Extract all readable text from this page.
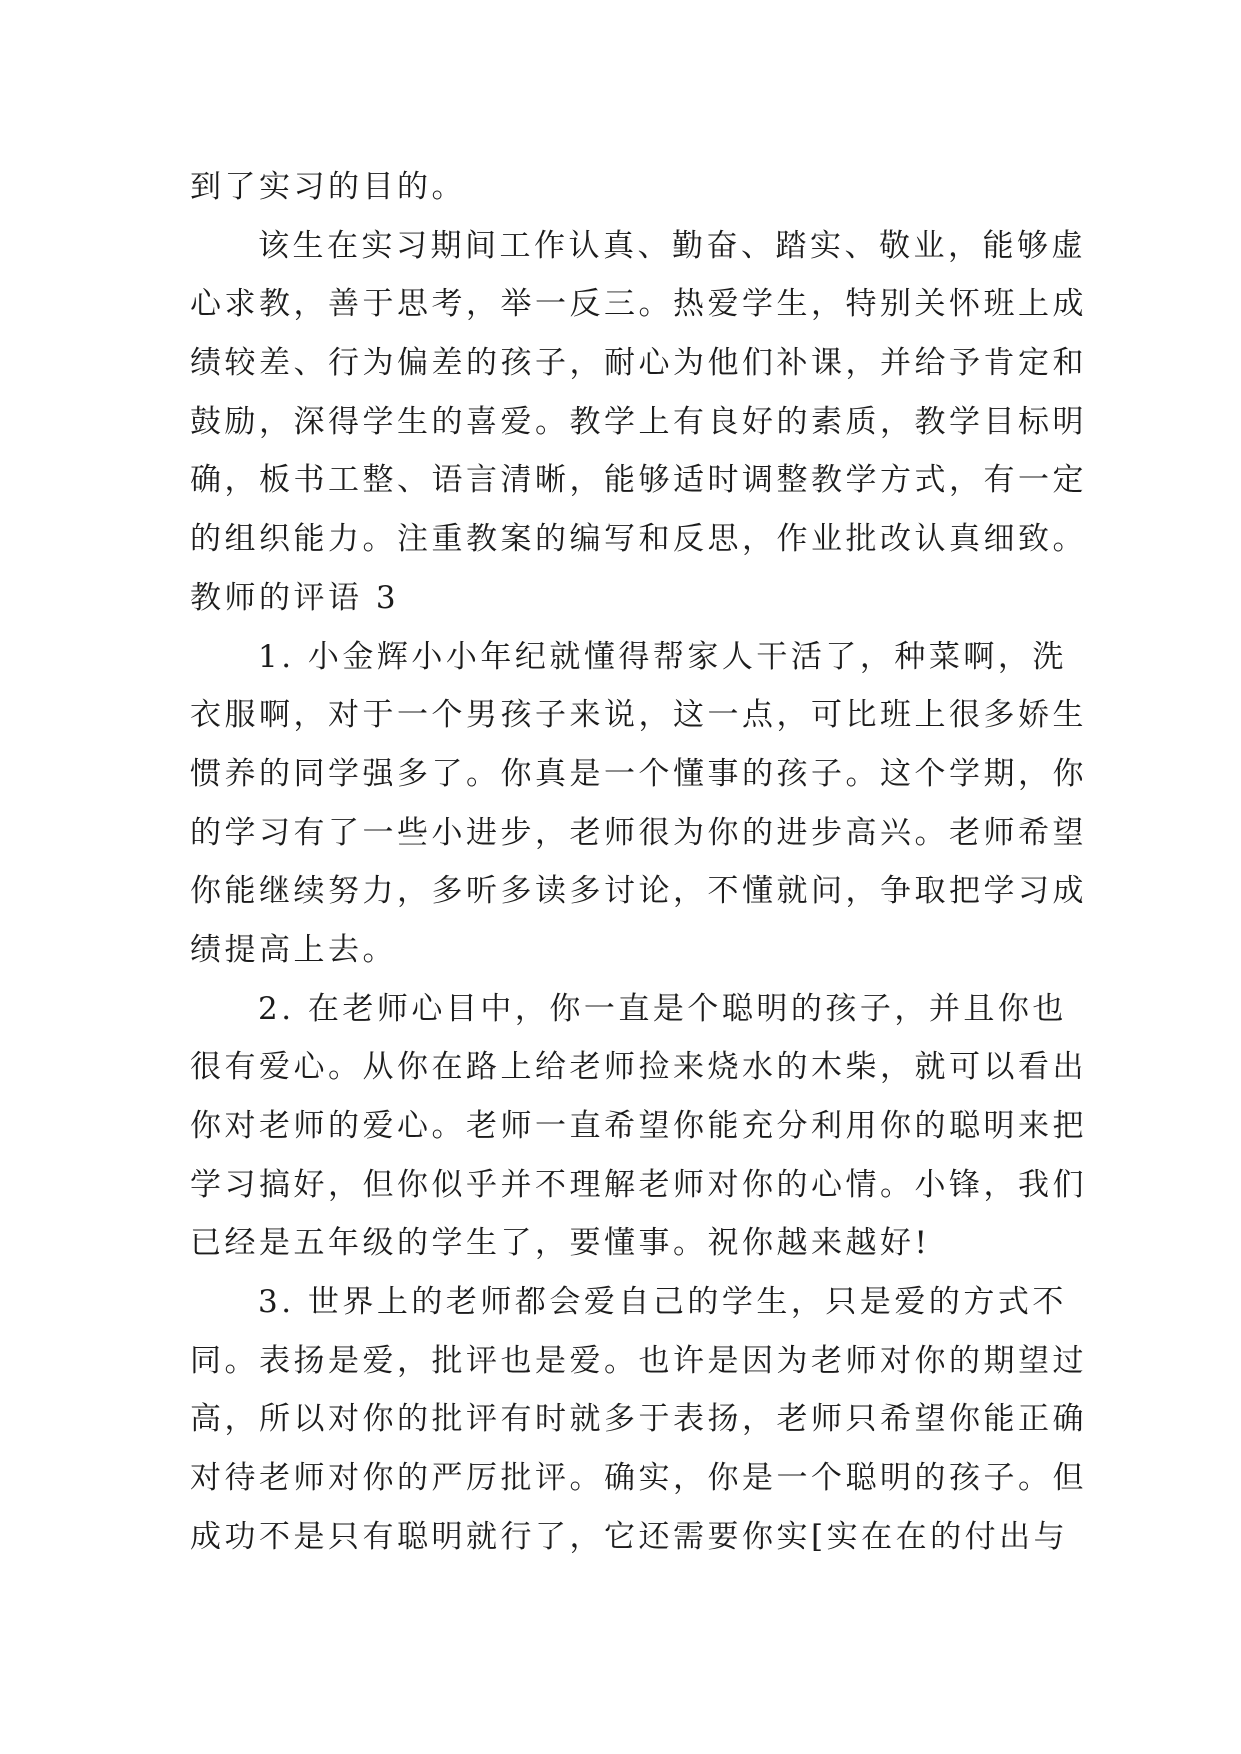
到了实习的目的。
该生在实习期间工作认真、勤奋、踏实、敬业，能够虚
心求教，善于思考，举一反三。热爱学生，特别关怀班上成
绩较差、行为偏差的孩子，耐心为他们补课，并给予肯定和
鼓励，深得学生的喜爱。教学上有良好的素质，教学目标明
确，板书工整、语言清晰，能够适时调整教学方式，有一定
的组织能力。注重教案的编写和反思，作业批改认真细致。
教师的评语 3
1. 小金辉小小年纪就懂得帮家人干活了，种菜啊，洗
衣服啊，对于一个男孩子来说，这一点，可比班上很多娇生
惯养的同学强多了。你真是一个懂事的孩子。这个学期，你
的学习有了一些小进步，老师很为你的进步高兴。老师希望
你能继续努力，多听多读多讨论，不懂就问，争取把学习成
绩提高上去。
2. 在老师心目中，你一直是个聪明的孩子，并且你也
很有爱心。从你在路上给老师捡来烧水的木柴，就可以看出
你对老师的爱心。老师一直希望你能充分利用你的聪明来把
学习搞好，但你似乎并不理解老师对你的心情。小锋，我们
已经是五年级的学生了，要懂事。祝你越来越好!
3. 世界上的老师都会爱自己的学生，只是爱的方式不
同。表扬是爱，批评也是爱。也许是因为老师对你的期望过
高，所以对你的批评有时就多于表扬，老师只希望你能正确
对待老师对你的严厉批评。确实，你是一个聪明的孩子。但
成功不是只有聪明就行了，它还需要你实[实在在的付出与
